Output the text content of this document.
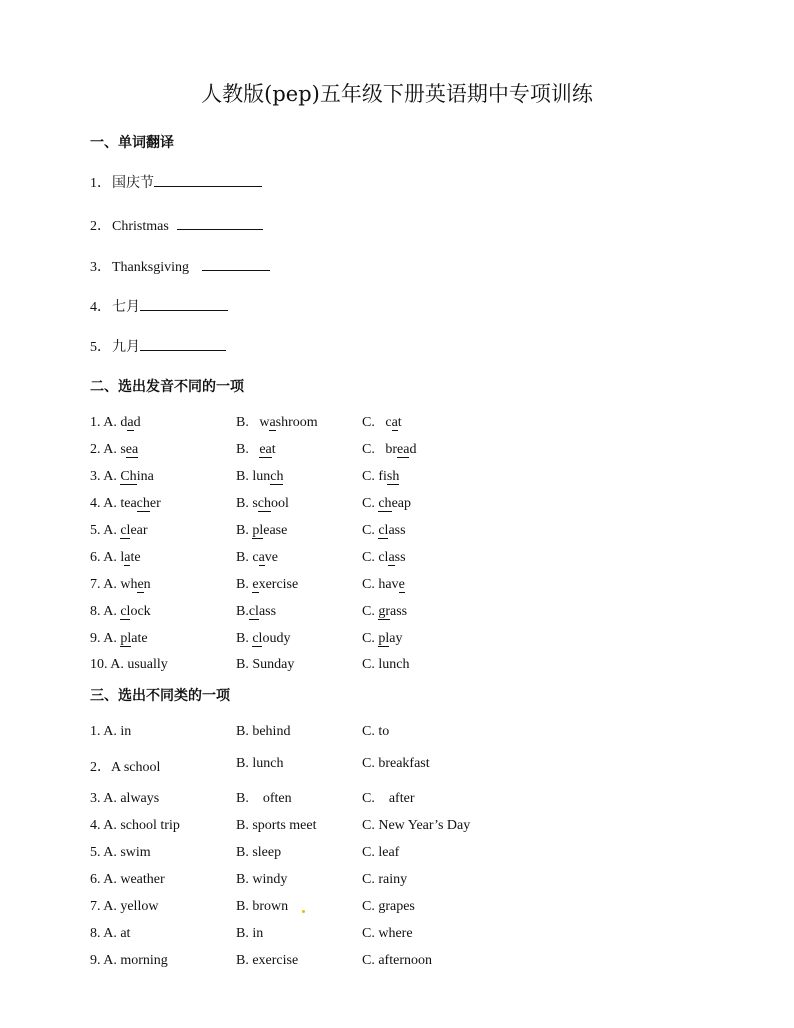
人教版(pep)五年级下册英语期中专项训练
一、单词翻译
1．国庆节
2．Christmas
3．Thanksgiving
4．七月
5．九月
二、选出发音不同的一项
1. A. dad	B.   washroom	C.   cat
2. A. sea	B.   eat	C.   bread
3. A. China	B. lunch	C. fish
4. A. teacher	B. school	C. cheap
5. A. clear	B. please	C. class
6. A. late	B. cave	C. class
7. A. when	B. exercise	C. have
8. A. clock	B.class	C. grass
9. A. plate	B. cloudy	C. play
10. A. usually	B. Sunday	C. lunch
三、选出不同类的一项
1. A. in	B. behind	C. to
2．A school	B. lunch	C. breakfast
3. A. always	B.    often	C.    after
4. A. school trip	B. sports meet	C. New Year’s Day
5. A. swim	B. sleep	C. leaf
6. A. weather	B. windy	C. rainy
7. A. yellow	B. brown	C. grapes
8. A. at	B. in	C. where
9. A. morning	B. exercise	C. afternoon
